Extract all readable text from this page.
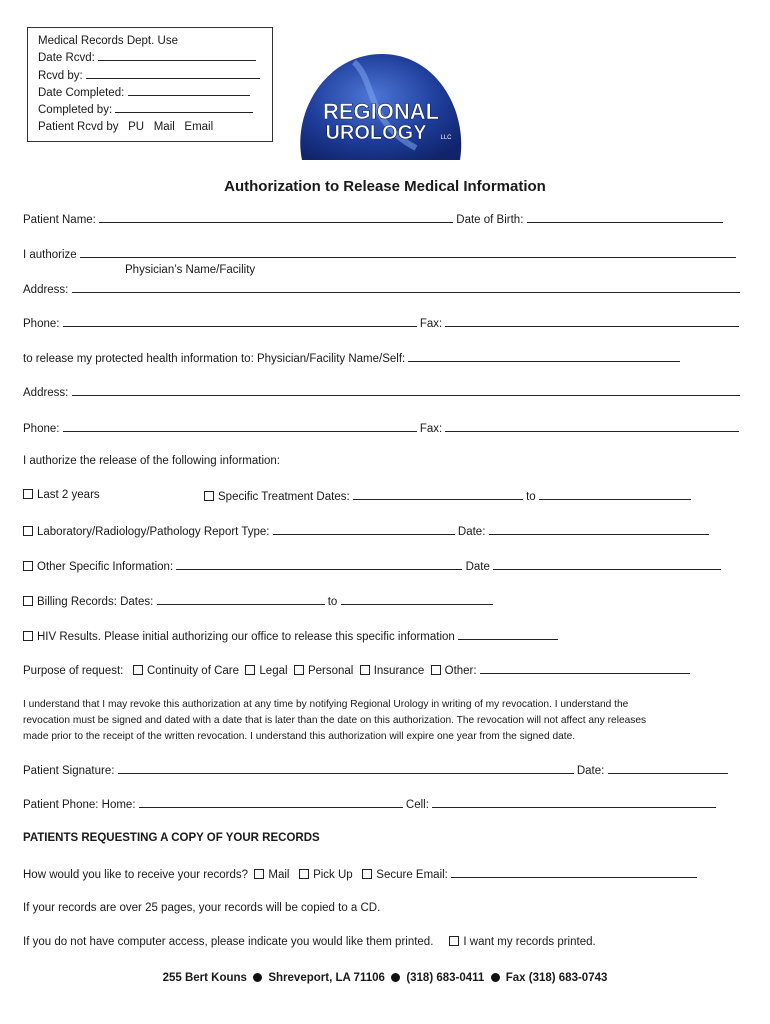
Medical Records Dept. Use
Date Rcvd:
Rcvd by:
Date Completed:
Completed by:
Patient Rcvd by PU Mail Email
REGIONAL
UROLOGY LLC
Authorization to Release Medical Information
Patient Name:	Date of Birth:
I authorize
Physician’s Name/Facility
Address:
Phone:	Fax:
to release my protected health information to: Physician/Facility Name/Self:
Address:
Phone:	Fax:
I authorize the release of the following information:
Last 2 years	Specific Treatment Dates:	to
Laboratory/Radiology/Pathology Report Type:	Date:
Other Specific Information:	Date
Billing Records: Dates:	to
HIV Results. Please initial authorizing our office to release this specific information
Purpose of request: Continuity of Care Legal Personal Insurance Other:
I understand that I may revoke this authorization at any time by notifying Regional Urology in writing of my revocation. I understand the
revocation must be signed and dated with a date that is later than the date on this authorization. The revocation will not affect any releases
made prior to the receipt of the written revocation. I understand this authorization will expire one year from the signed date.
Patient Signature:	Date:
Patient Phone: Home:	Cell:
PATIENTS REQUESTING A COPY OF YOUR RECORDS
How would you like to receive your records? Mail Pick Up Secure Email:
If your records are over 25 pages, your records will be copied to a CD.
If you do not have computer access, please indicate you would like them printed.	I want my records printed.
255 Bert Kouns Shreveport, LA 71106 (318) 683-0411 Fax (318) 683-0743
